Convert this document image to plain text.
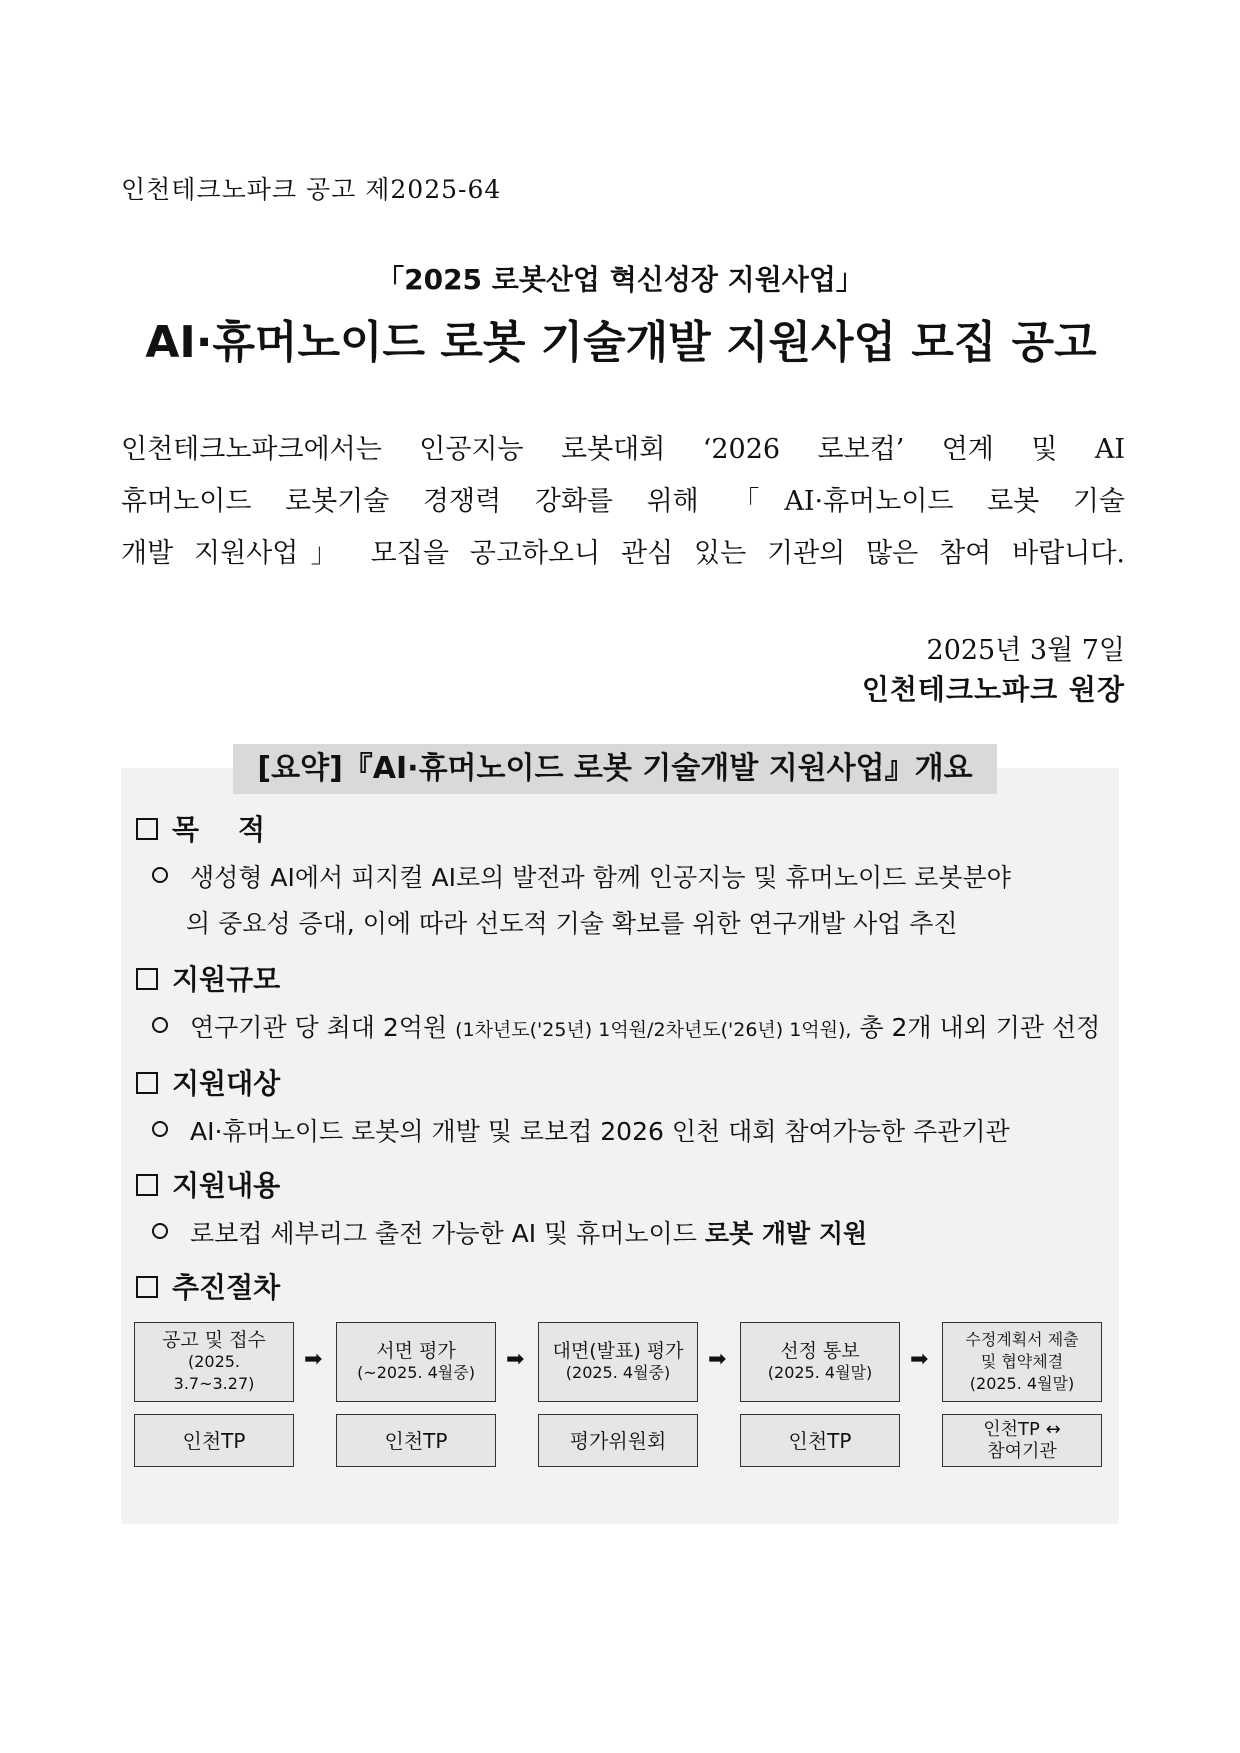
인천테크노파크 공고 제2025-64
「2025 로봇산업 혁신성장 지원사업」
AI·휴머노이드 로봇 기술개발 지원사업 모집 공고
인천테크노파크에서는 인공지능 로봇대회 ‘2026 로보컵’ 연계 및 AI
휴머노이드 로봇기술 경쟁력 강화를 위해 「AI·휴머노이드 로봇 기술
개발 지원사업」 모집을 공고하오니 관심 있는 기관의 많은 참여 바랍니다.
2025년 3월 7일
인천테크노파크 원장
[요약]『AI·휴머노이드 로봇 기술개발 지원사업』개요
목    적
생성형 AI에서 피지컬 AI로의 발전과 함께 인공지능 및 휴머노이드 로봇분야
의 중요성 증대, 이에 따라 선도적 기술 확보를 위한 연구개발 사업 추진
지원규모
연구기관 당 최대 2억원 (1차년도('25년) 1억원/2차년도('26년) 1억원), 총 2개 내외 기관 선정
지원대상
AI·휴머노이드 로봇의 개발 및 로보컵 2026 인천 대회 참여가능한 주관기관
지원내용
로보컵 세부리그 출전 가능한 AI 및 휴머노이드 로봇 개발 지원
추진절차
공고 및 접수
(2025.
3.7~3.27)
➡	서면 평가
(~2025. 4월중)
➡ 대면(발표) 평가
(2025. 4월중)
➡	선정 통보
(2025. 4월말)
➡
수정계획서 제출
및 협약체결
(2025. 4월말)
인천TP	인천TP	평가위원회	인천TP	인천TP ↔
참여기관
